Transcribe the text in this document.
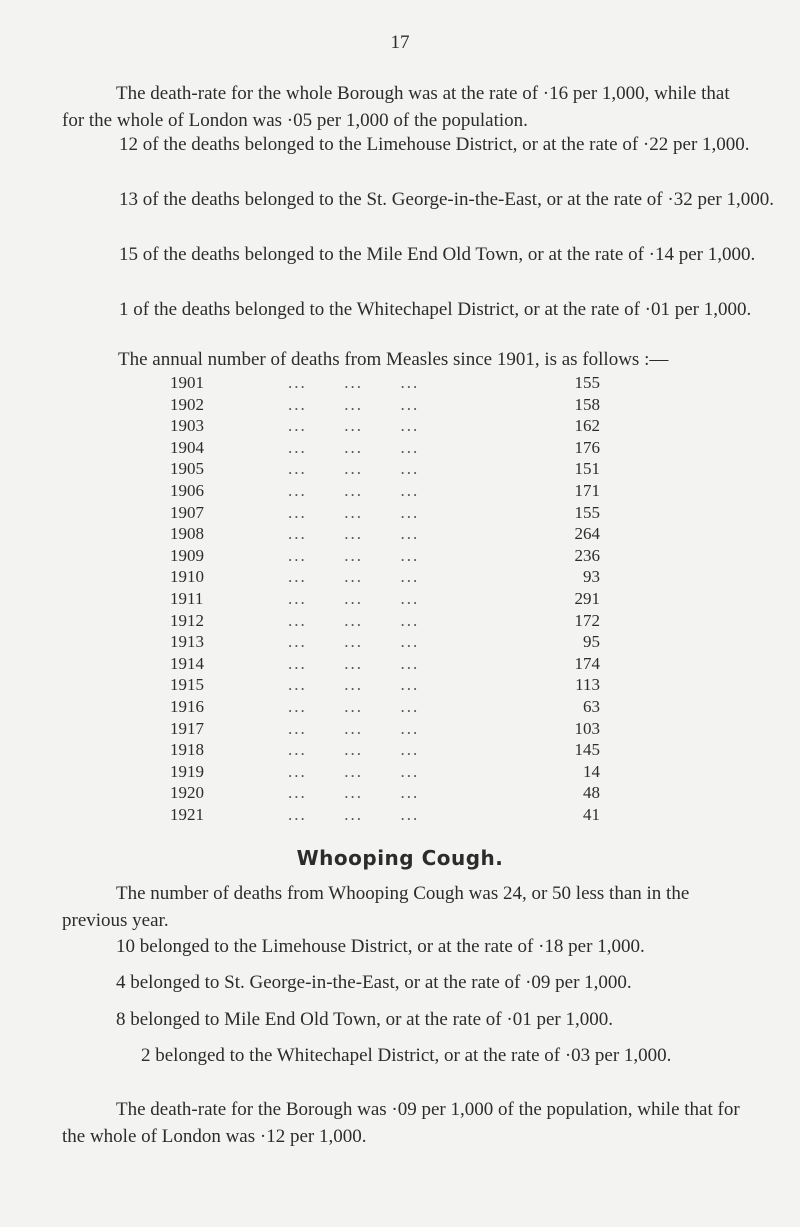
17

The death-rate for the whole Borough was at the rate of ·16 per 1,000, while that for the whole of London was ·05 per 1,000 of the population.

12 of the deaths belonged to the Limehouse District, or at the rate of ·22 per 1,000.

13 of the deaths belonged to the St. George-in-the-East, or at the rate of ·32 per 1,000.

15 of the deaths belonged to the Mile End Old Town, or at the rate of ·14 per 1,000.

1 of the deaths belonged to the Whitechapel District, or at the rate of ·01 per 1,000.

The annual number of deaths from Measles since 1901, is as follows :—

1901	...      ...      ...	155
1902	...      ...      ...	158
1903	...      ...      ...	162
1904	...      ...      ...	176
1905	...      ...      ...	151
1906	...      ...      ...	171
1907	...      ...      ...	155
1908	...      ...      ...	264
1909	...      ...      ...	236
1910	...      ...      ...	93
1911	...      ...      ...	291
1912	...      ...      ...	172
1913	...      ...      ...	95
1914	...      ...      ...	174
1915	...      ...      ...	113
1916	...      ...      ...	63
1917	...      ...      ...	103
1918	...      ...      ...	145
1919	...      ...      ...	14
1920	...      ...      ...	48
1921	...      ...      ...	41
Whooping Cough.

The number of deaths from Whooping Cough was 24, or 50 less than in the previous year.

10 belonged to the Limehouse District, or at the rate of ·18 per 1,000.

4 belonged to St. George-in-the-East, or at the rate of ·09 per 1,000.

8 belonged to Mile End Old Town, or at the rate of ·01 per 1,000.

2 belonged to the Whitechapel District, or at the rate of ·03 per 1,000.

The death-rate for the Borough was ·09 per 1,000 of the population, while that for the whole of London was ·12 per 1,000.
